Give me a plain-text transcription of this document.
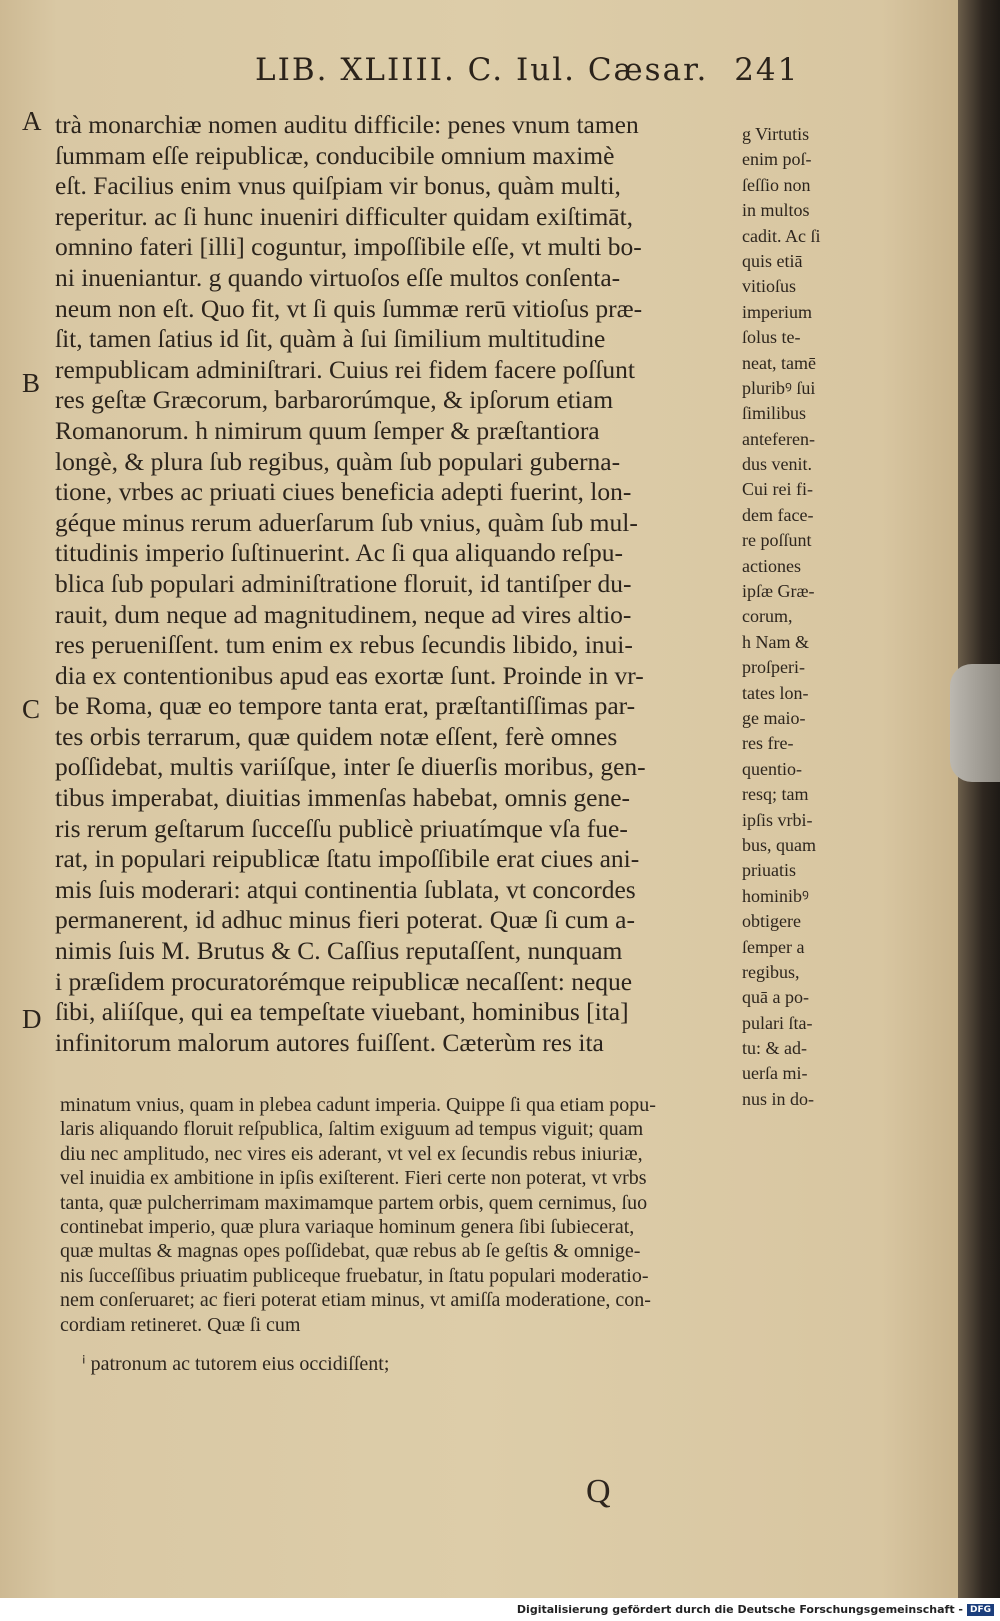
LIB. XLIIII. C. Iul. Cæsar. 241
A
B
C
D
trà monarchiæ nomen auditu difficile: penes vnum tamen
ſummam eſſe reipublicæ, conducibile omnium maximè
eſt. Facilius enim vnus quiſpiam vir bonus, quàm multi,
reperitur. ac ſi hunc inueniri difficulter quidam exiſtimāt,
omnino fateri [illi] coguntur, impoſſibile eſſe, vt multi bo-
ni inueniantur. g quando virtuoſos eſſe multos conſenta-
neum non eſt. Quo fit, vt ſi quis ſummæ rerū vitioſus præ-
ſit, tamen ſatius id ſit, quàm à ſui ſimilium multitudine
rempublicam adminiſtrari. Cuius rei fidem facere poſſunt
res geſtæ Græcorum, barbarorúmque, & ipſorum etiam
Romanorum. h nimirum quum ſemper & præſtantiora
longè, & plura ſub regibus, quàm ſub populari guberna-
tione, vrbes ac priuati ciues beneficia adepti fuerint, lon-
géque minus rerum aduerſarum ſub vnius, quàm ſub mul-
titudinis imperio ſuſtinuerint. Ac ſi qua aliquando reſpu-
blica ſub populari adminiſtratione floruit, id tantiſper du-
rauit, dum neque ad magnitudinem, neque ad vires altio-
res perueniſſent. tum enim ex rebus ſecundis libido, inui-
dia ex contentionibus apud eas exortæ ſunt. Proinde in vr-
be Roma, quæ eo tempore tanta erat, præſtantiſſimas par-
tes orbis terrarum, quæ quidem notæ eſſent, ferè omnes
poſſidebat, multis variíſque, inter ſe diuerſis moribus, gen-
tibus imperabat, diuitias immenſas habebat, omnis gene-
ris rerum geſtarum ſucceſſu publicè priuatímque vſa fue-
rat, in populari reipublicæ ſtatu impoſſibile erat ciues ani-
mis ſuis moderari: atqui continentia ſublata, vt concordes
permanerent, id adhuc minus fieri poterat. Quæ ſi cum a-
nimis ſuis M. Brutus & C. Caſſius reputaſſent, nunquam
i præſidem procuratorémque reipublicæ necaſſent: neque
ſibi, aliíſque, qui ea tempeſtate viuebant, hominibus [ita]
infinitorum malorum autores fuiſſent. Cæterùm res ita
g Virtutis
enim poſ-
ſeſſio non
in multos
cadit. Ac ſi
quis etiā
vitioſus
imperium
ſolus te-
neat, tamē
pluribꝰ ſui
ſimilibus
anteferen-
dus venit.
Cui rei fi-
dem face-
re poſſunt
actiones
ipſæ Græ-
corum,
h Nam &
proſperi-
tates lon-
ge maio-
res fre-
quentio-
resq; tam
ipſis vrbi-
bus, quam
priuatis
hominibꝰ
obtigere
ſemper a
regibus,
quā a po-
pulari ſta-
tu: & ad-
uerſa mi-
nus in do-
minatum vnius, quam in plebea cadunt imperia. Quippe ſi qua etiam popu-
laris aliquando floruit reſpublica, ſaltim exiguum ad tempus viguit; quam
diu nec amplitudo, nec vires eis aderant, vt vel ex ſecundis rebus iniuriæ,
vel inuidia ex ambitione in ipſis exiſterent. Fieri certe non poterat, vt vrbs
tanta, quæ pulcherrimam maximamque partem orbis, quem cernimus, ſuo
continebat imperio, quæ plura variaque hominum genera ſibi ſubiecerat,
quæ multas & magnas opes poſſidebat, quæ rebus ab ſe geſtis & omnige-
nis ſucceſſibus priuatim publiceque fruebatur, in ſtatu populari moderatio-
nem conſeruaret; ac fieri poterat etiam minus, vt amiſſa moderatione, con-
cordiam retineret. Quæ ſi cum
ⁱ patronum ac tutorem eius occidiſſent;
Q
Digitalisierung gefördert durch die Deutsche Forschungsgemeinschaft - DFG
